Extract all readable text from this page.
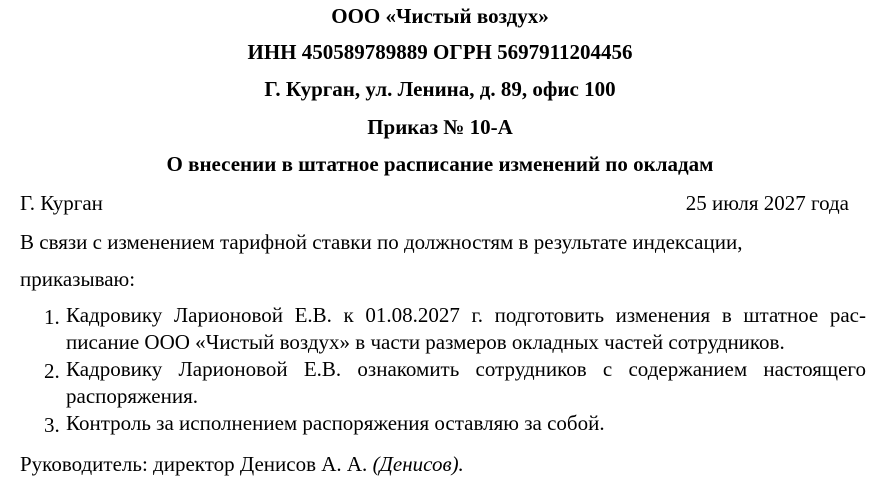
ООО «Чистый воздух»
ИНН 450589789889 ОГРН 5697911204456
Г. Курган, ул. Ленина, д. 89, офис 100
Приказ № 10-А
О внесении в штатное расписание изменений по окладам
Г. Курган	25 июля 2027 года
В связи с изменением тарифной ставки по должностям в результате индексации,
приказываю:
1. Кадровику Ларионовой Е.В. к 01.08.2027 г. подготовить изменения в штатное рас-
писание ООО «Чистый воздух» в части размеров окладных частей сотрудников.
2. Кадровику Ларионовой Е.В. ознакомить сотрудников с содержанием настоящего
распоряжения.
3. Контроль за исполнением распоряжения оставляю за собой.
Руководитель: директор Денисов А. А. (Денисов).
